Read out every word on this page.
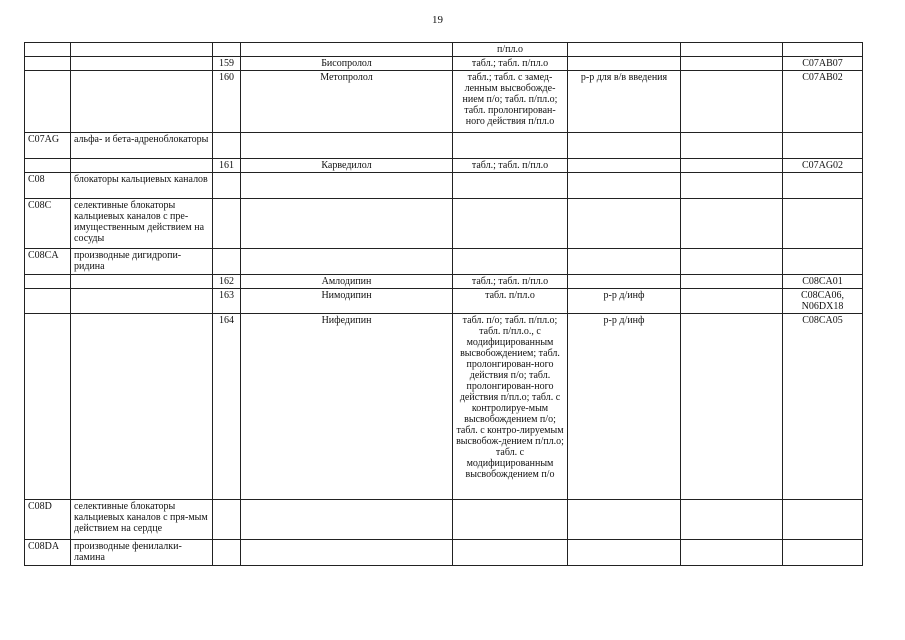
19
				п/пл.о			
		159	Бисопролол	табл.; табл. п/пл.о			C07AB07
		160	Метопролол	табл.; табл. с замед-ленным высвобожде-нием п/о; табл. п/пл.о; табл. пролонгирован-ного действия п/пл.о	р-р для в/в введения		C07AB02
C07AG	альфа- и бета-адреноблокаторы						
		161	Карведилол	табл.; табл. п/пл.о			C07AG02
C08	блокаторы кальциевых каналов						
C08C	селективные блокаторы кальциевых каналов с пре-имущественным действием на сосуды						
C08CA	производные дигидропи-ридина						
		162	Амлодипин	табл.; табл. п/пл.о			C08CA01
		163	Нимодипин	табл. п/пл.о	р-р д/инф		C08CA06, N06DX18
		164	Нифедипин	табл. п/о; табл. п/пл.о; табл. п/пл.о., с модифицированным высвобождением; табл. пролонгирован-ного действия п/о; табл. пролонгирован-ного действия п/пл.о; табл. с контролируе-мым высвобождением п/о; табл. с контро-лируемым высвобож-дением п/пл.о; табл. с модифицированным высвобождением п/о	р-р д/инф		C08CA05
C08D	селективные блокаторы кальциевых каналов с пря-мым действием на сердце						
C08DA	производные фенилалки-ламина						
